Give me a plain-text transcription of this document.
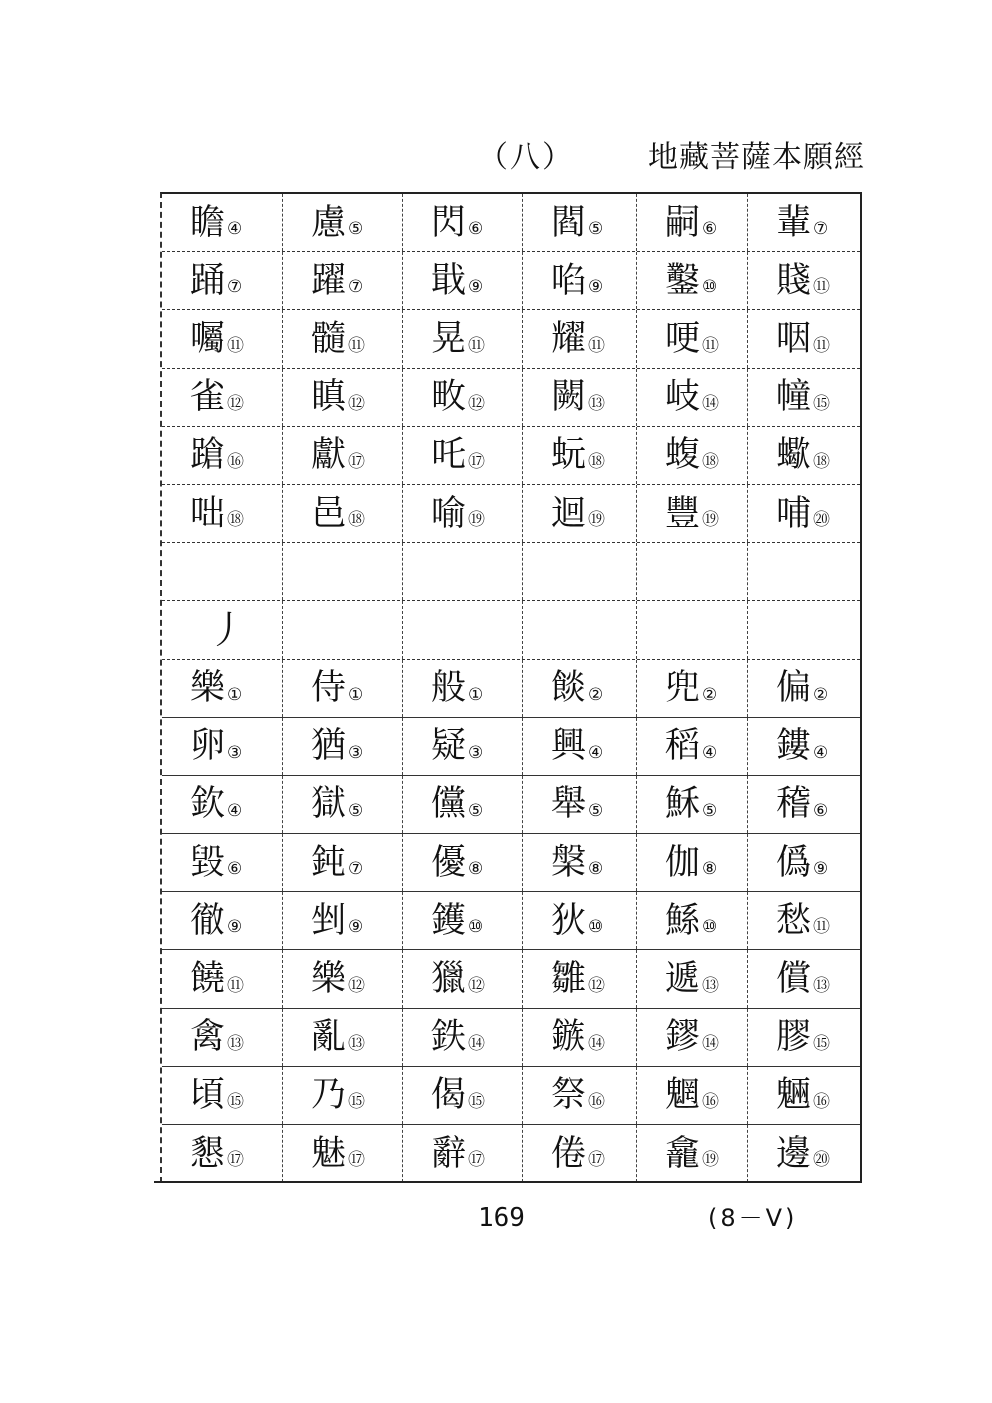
（八） 地藏菩薩本願經
瞻 ④ 慮 ⑤ 閃 ⑥ 閻 ⑤ 嗣 ⑥ 輩 ⑦
踊 ⑦ 躍 ⑦ 戢 ⑨ 啗 ⑨ 鑿 ⑩ 賤 ⑪
囑 ⑪ 髓 ⑪ 晃 ⑪ 耀 ⑪ 哽 ⑪ 咽 ⑪
雀 ⑫ 瞋 ⑫ 畋 ⑫ 闕 ⑬ 岐 ⑭ 幢 ⑮
蹌 ⑯ 獻 ⑰ 吒 ⑰ 蚖 ⑱ 蝮 ⑱ 蠍 ⑱
咄 ⑱ 邑 ⑱ 喻 ⑲ 迴 ⑲ 豐 ⑲ 哺 ⑳
丿
樂 ① 侍 ① 般 ① 餤 ② 兜 ② 偏 ②
卵 ③ 猶 ③ 疑 ③ 興 ④ 稻 ④ 鏤 ④
欽 ④ 獄 ⑤ 儻 ⑤ 舉 ⑤ 穌 ⑤ 稽 ⑥
毀 ⑥ 鈍 ⑦ 優 ⑧ 槃 ⑧ 伽 ⑧ 僞 ⑨
徹 ⑨ 剉 ⑨ 鑊 ⑩ 狄 ⑩ 鯀 ⑩ 愁 ⑪
饒 ⑪ 樂 ⑫ 獵 ⑫ 雛 ⑫ 遞 ⑬ 償 ⑬
禽 ⑬ 亂 ⑬ 鉄 ⑭ 鏃 ⑭ 鏐 ⑭ 膠 ⑮
頃 ⑮ 乃 ⑮ 偈 ⑮ 祭 ⑯ 魍 ⑯ 魎 ⑯
懇 ⑰ 魅 ⑰ 辭 ⑰ 倦 ⑰ 龕 ⑲ 邊 ⑳
169	(8－V)
